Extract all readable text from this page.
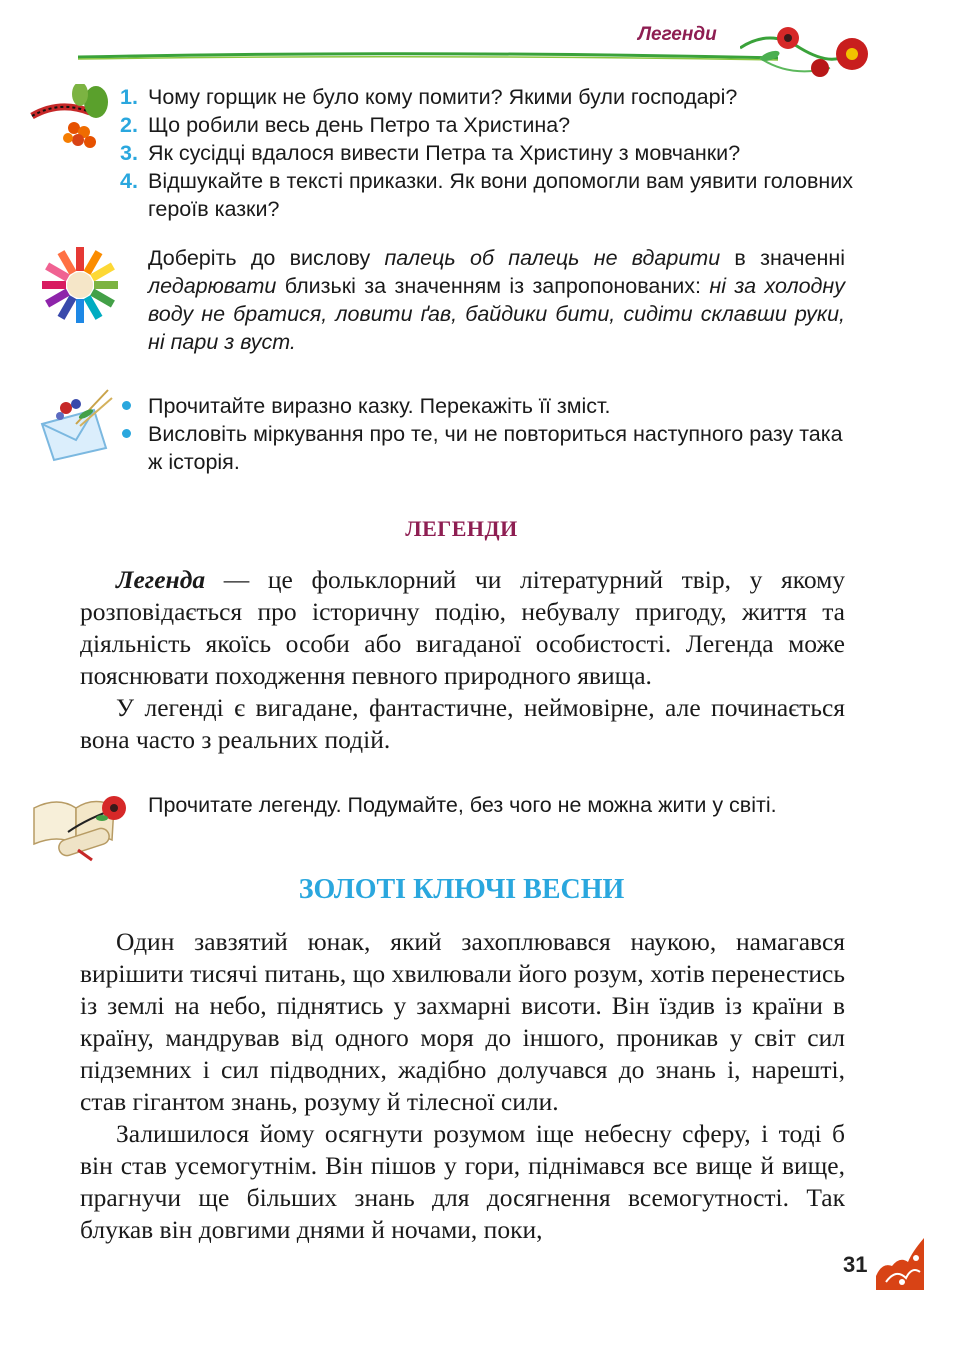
Легенди
1. Чому горщик не було кому помити? Якими були господарі?
2. Що робили весь день Петро та Христина?
3. Як сусідці вдалося вивести Петра та Христину з мовчанки?
4. Відшукайте в тексті приказки. Як вони допомогли вам уявити головних героїв казки?
Доберіть до вислову палець об палець не вдарити в значенні ледарювати близькі за значенням із запропонованих: ні за холодну воду не братися, ловити ґав, байдики бити, сидіти склавши руки, ні пари з вуст.
Прочитайте виразно казку. Перекажіть її зміст.
Висловіть міркування про те, чи не повториться наступного разу така ж історія.
ЛЕГЕНДИ

Легенда — це фольклорний чи літературний твір, у якому розповідається про історичну подію, небувалу пригоду, життя та діяльність якоїсь особи або вигаданої особистості. Легенда може пояснювати походження певного природного явища.

У легенді є вигадане, фантастичне, неймовірне, але починається вона часто з реальних подій.

Прочитате легенду. Подумайте, без чого не можна жити у світі.
ЗОЛОТІ КЛЮЧІ ВЕСНИ

Один завзятий юнак, який захоплювався наукою, намагався вирішити тисячі питань, що хвилювали його розум, хотів перенестись із землі на небо, піднятись у захмарні висоти. Він їздив із країни в країну, мандрував від одного моря до іншого, проникав у світ сил підземних і сил підводних, жадібно долучався до знань і, нарешті, став гігантом знань, розуму й тілесної сили.

Залишилося йому осягнути розумом іще небесну сферу, і тоді б він став усемогутнім. Він пішов у гори, піднімався все вище й вище, прагнучи ще більших знань для досягнення всемогутності. Так блукав він довгими днями й ночами, поки,

31
